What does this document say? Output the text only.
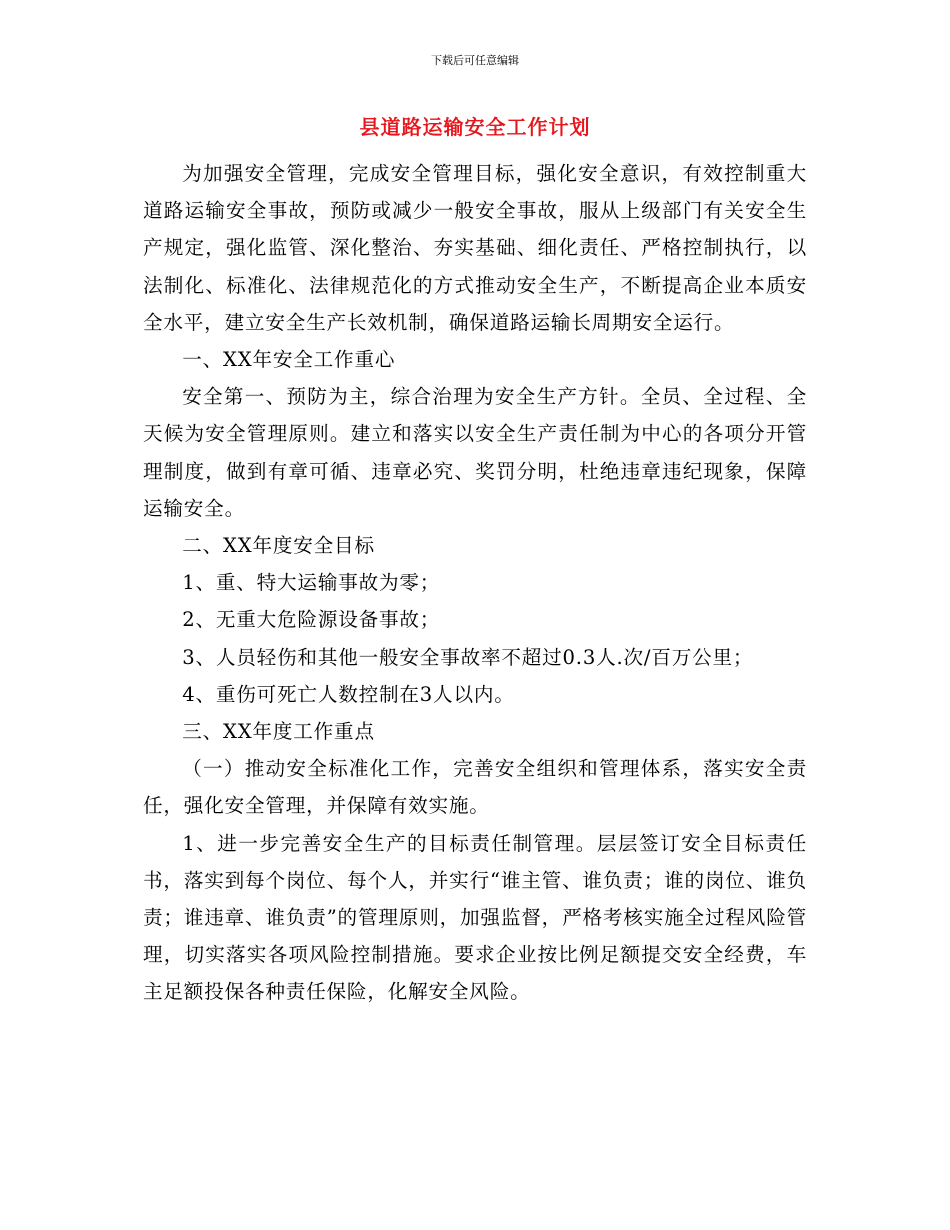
下载后可任意编辑
县道路运输安全工作计划

为加强安全管理，完成安全管理目标，强化安全意识，有效控制重大道路运输安全事故，预防或减少一般安全事故，服从上级部门有关安全生产规定，强化监管、深化整治、夯实基础、细化责任、严格控制执行，以法制化、标准化、法律规范化的方式推动安全生产，不断提高企业本质安全水平，建立安全生产长效机制，确保道路运输长周期安全运行。

一、XX年安全工作重心

安全第一、预防为主，综合治理为安全生产方针。全员、全过程、全天候为安全管理原则。建立和落实以安全生产责任制为中心的各项分开管理制度，做到有章可循、违章必究、奖罚分明，杜绝违章违纪现象，保障运输安全。

二、XX年度安全目标

1、重、特大运输事故为零；

2、无重大危险源设备事故；

3、人员轻伤和其他一般安全事故率不超过0.3人.次/百万公里；

4、重伤可死亡人数控制在3人以内。

三、XX年度工作重点

（一）推动安全标准化工作，完善安全组织和管理体系，落实安全责任，强化安全管理，并保障有效实施。

1、进一步完善安全生产的目标责任制管理。层层签订安全目标责任书，落实到每个岗位、每个人，并实行“谁主管、谁负责；谁的岗位、谁负责；谁违章、谁负责”的管理原则，加强监督，严格考核实施全过程风险管理，切实落实各项风险控制措施。要求企业按比例足额提交安全经费，车主足额投保各种责任保险，化解安全风险。
